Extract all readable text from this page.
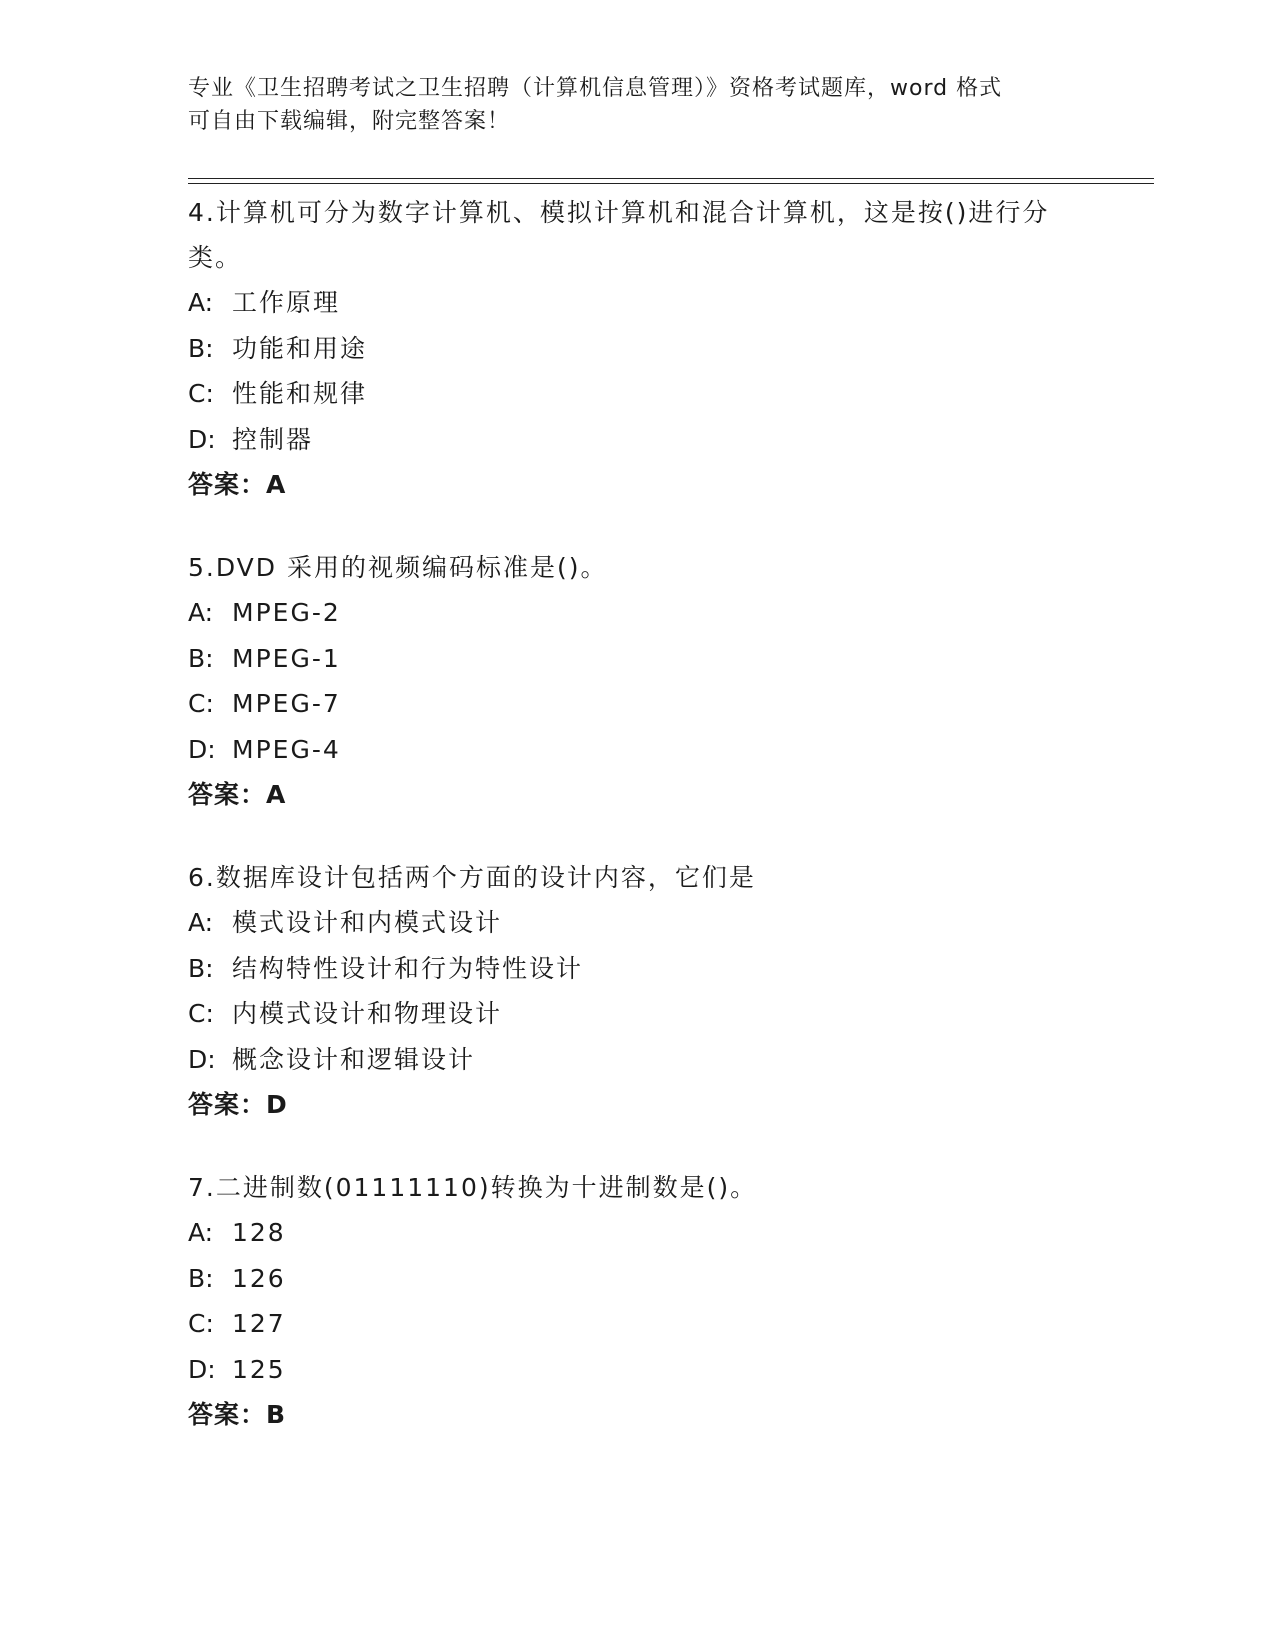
专业《卫生招聘考试之卫生招聘（计算机信息管理）》资格考试题库，word 格式
可自由下载编辑，附完整答案！

4.计算机可分为数字计算机、模拟计算机和混合计算机，这是按()进行分类。

A: 工作原理

B: 功能和用途

C: 性能和规律

D: 控制器

答案：A

5.DVD 采用的视频编码标准是()。

A: MPEG-2

B: MPEG-1

C: MPEG-7

D: MPEG-4

答案：A

6.数据库设计包括两个方面的设计内容，它们是

A: 模式设计和内模式设计

B: 结构特性设计和行为特性设计

C: 内模式设计和物理设计

D: 概念设计和逻辑设计

答案：D

7.二进制数(01111110)转换为十进制数是()。

A: 128

B: 126

C: 127

D: 125

答案：B
